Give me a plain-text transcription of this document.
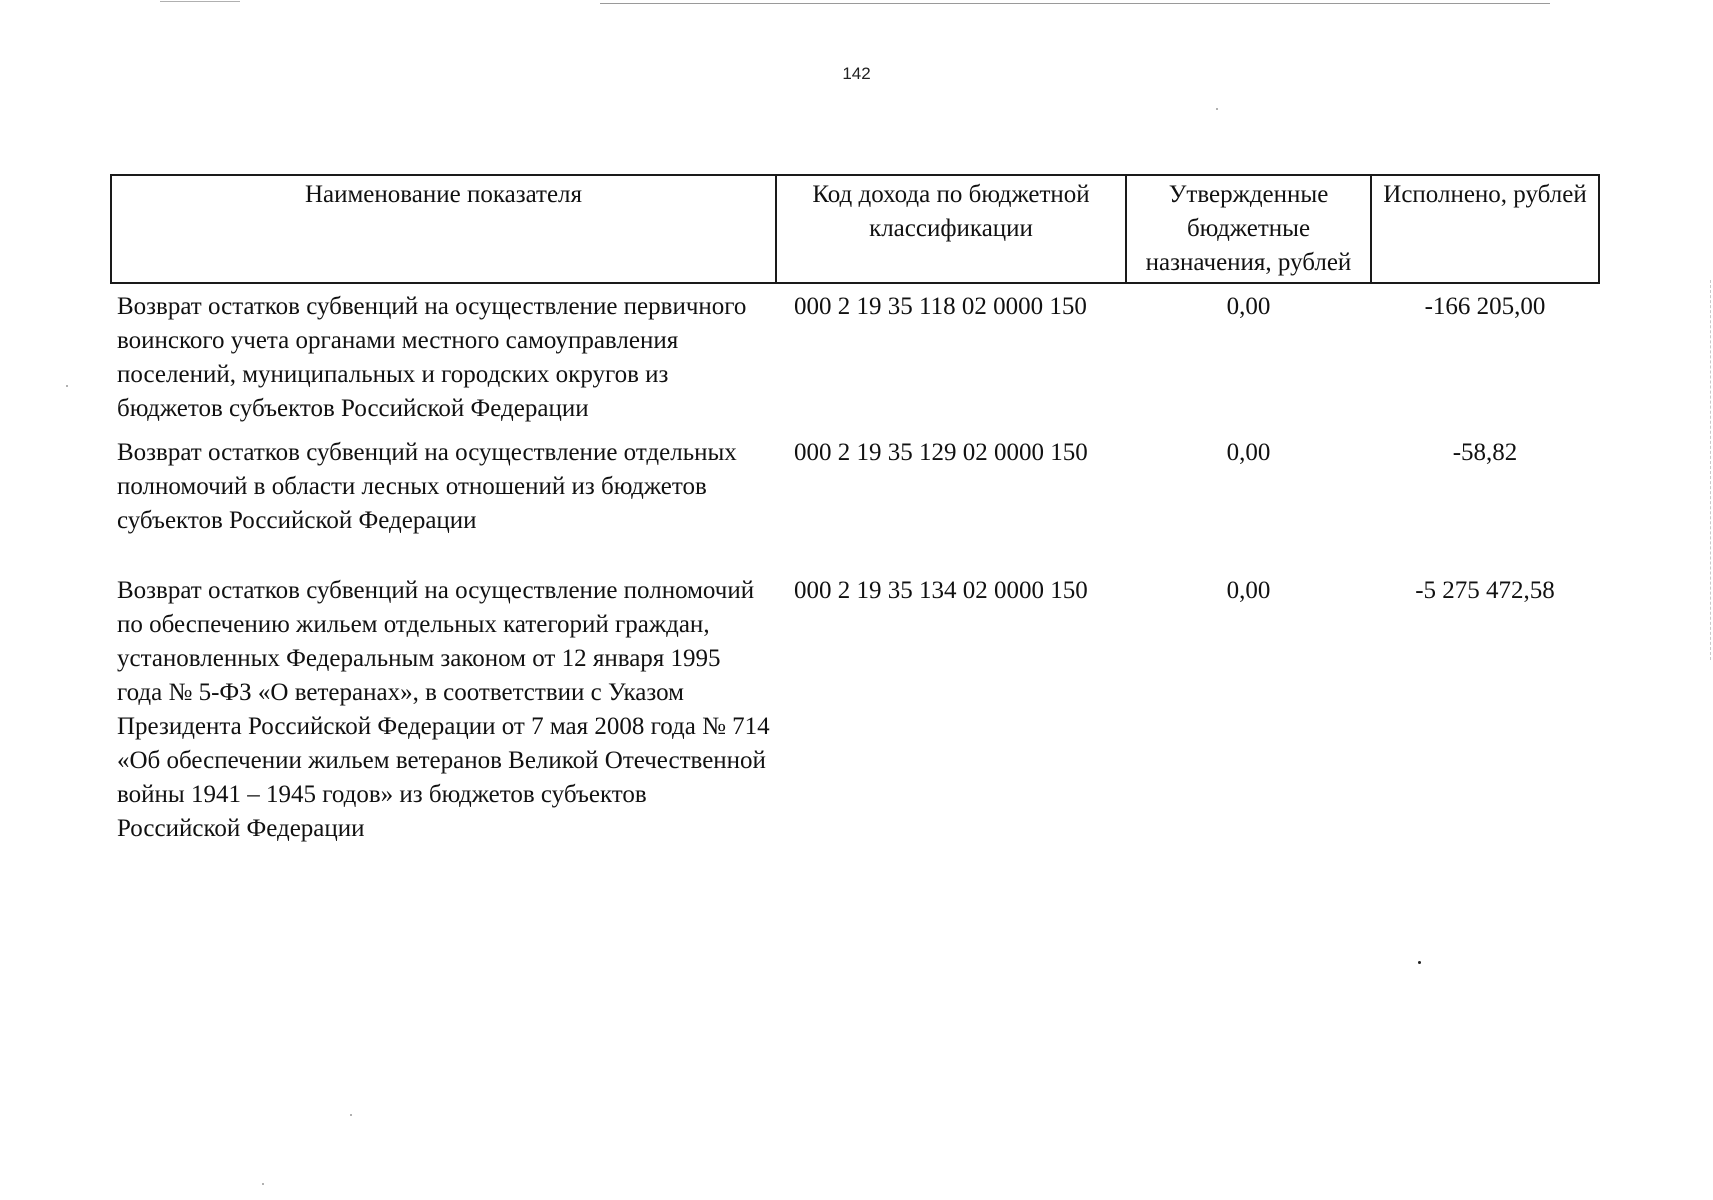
142
Наименование показателя	Код дохода по бюджетной классификации	Утвержденные бюджетные назначения, рублей	Исполнено, рублей
Возврат остатков субвенций на осуществление первичного воинского учета органами местного самоуправления поселений, муниципальных и городских округов из бюджетов субъектов Российской Федерации	000 2 19 35 118 02 0000 150	0,00	-166 205,00
Возврат остатков субвенций на осуществление отдельных полномочий в области лесных отношений из бюджетов субъектов Российской Федерации	000 2 19 35 129 02 0000 150	0,00	-58,82
Возврат остатков субвенций на осуществление полномочий по обеспечению жильем отдельных категорий граждан, установленных Федеральным законом от 12 января 1995 года № 5-ФЗ «О ветеранах», в соответствии с Указом Президента Российской Федерации от 7 мая 2008 года № 714 «Об обеспечении жильем ветеранов Великой Отечественной войны 1941 – 1945 годов» из бюджетов субъектов Российской Федерации	000 2 19 35 134 02 0000 150	0,00	-5 275 472,58
